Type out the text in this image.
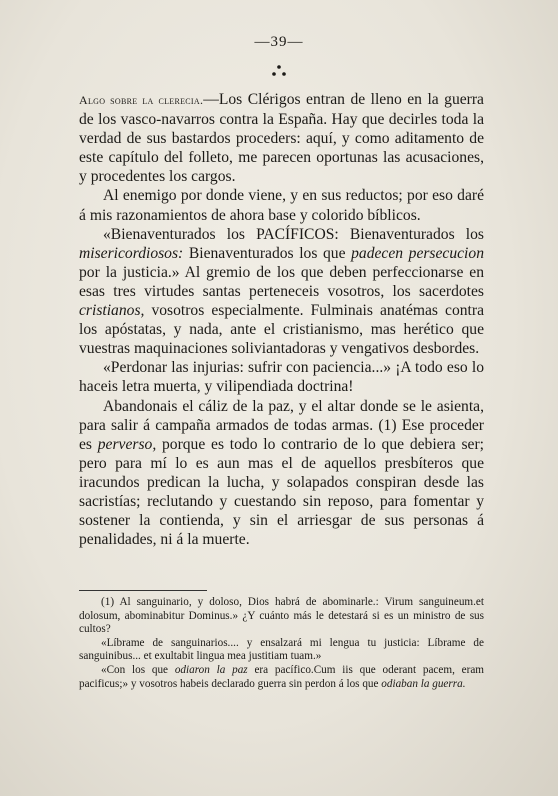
—39—

Algo sobre la clerecia.—Los Clérigos entran de lleno en la guerra de los vasco-navarros contra la España. Hay que decirles toda la verdad de sus bastardos proceders: aquí, y como aditamento de este capítulo del folleto, me parecen oportunas las acusaciones, y procedentes los cargos.

Al enemigo por donde viene, y en sus reductos; por eso daré á mis razonamientos de ahora base y colorido bíblicos.

«Bienaventurados los PACÍFICOS: Bienaventurados los misericordiosos: Bienaventurados los que padecen persecucion por la justicia.» Al gremio de los que deben perfeccionarse en esas tres virtudes santas perteneceis vosotros, los sacerdotes cristianos, vosotros especialmente. Fulminais anatémas contra los apóstatas, y nada, ante el cristianismo, mas herético que vuestras maquinaciones soliviantadoras y vengativos desbordes.

«Perdonar las injurias: sufrir con paciencia...» ¡A todo eso lo haceis letra muerta, y vilipendiada doctrina!

Abandonais el cáliz de la paz, y el altar donde se le asienta, para salir á campaña armados de todas armas. (1) Ese proceder es perverso, porque es todo lo contrario de lo que debiera ser; pero para mí lo es aun mas el de aquellos presbíteros que iracundos predican la lucha, y solapados conspiran desde las sacristías; reclutando y cuestando sin reposo, para fomentar y sostener la contienda, y sin el arriesgar de sus personas á penalidades, ni á la muerte.

(1) Al sanguinario, y doloso, Dios habrá de abominarle.: Virum sanguineum.et dolosum, abominabitur Dominus.» ¿Y cuánto más le detestará si es un ministro de sus cultos?

«Líbrame de sanguinarios.... y ensalzará mi lengua tu justicia: Líbrame de sanguinibus... et exultabit lingua mea justitiam tuam.»

«Con los que odiaron la paz era pacífico.Cum iis que oderant pacem, eram pacificus;» y vosotros habeis declarado guerra sin perdon á los que odiaban la guerra.
